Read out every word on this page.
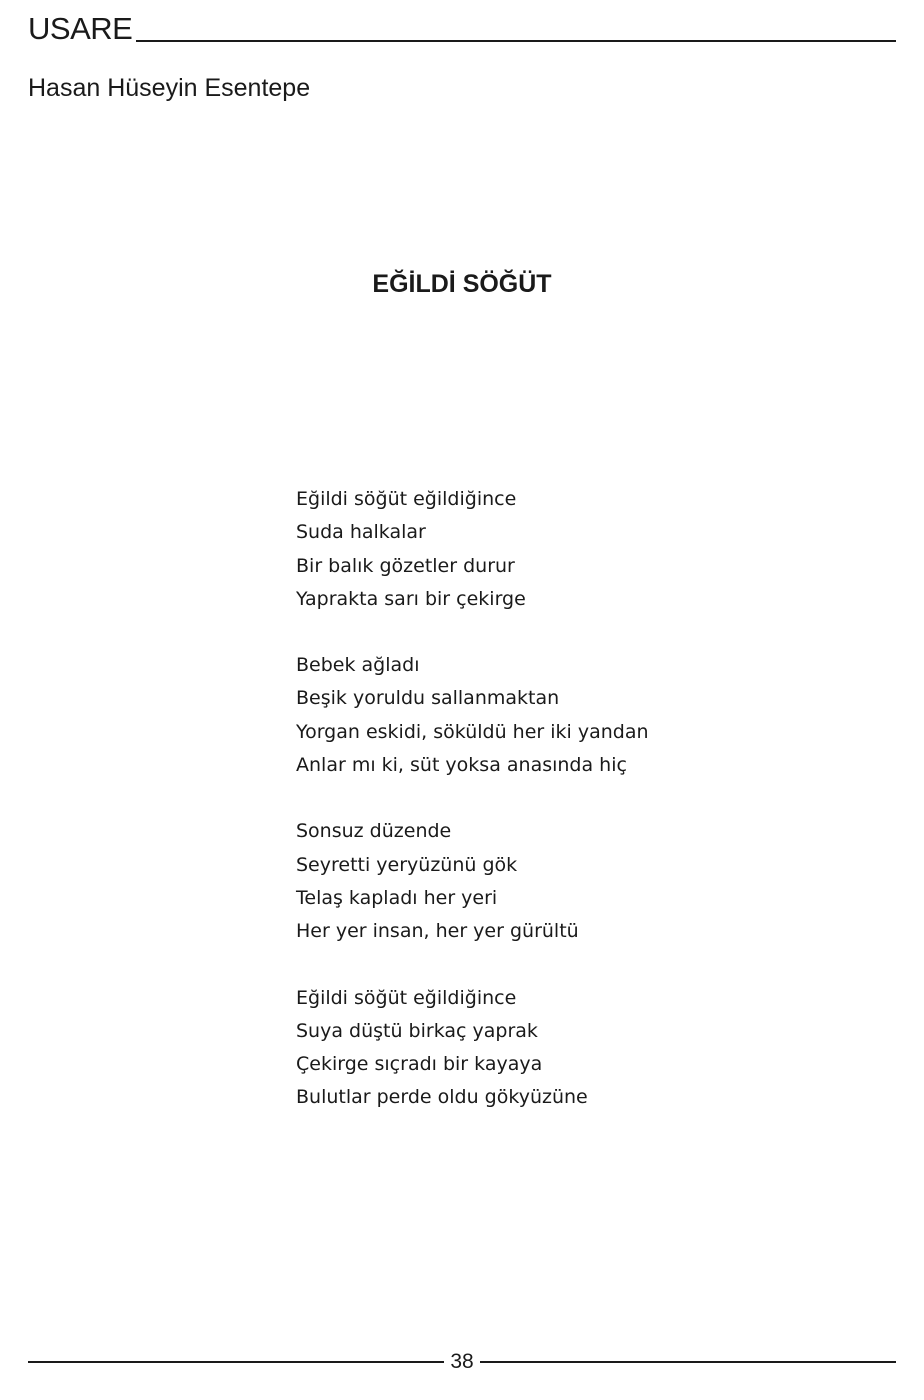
USARE
Hasan Hüseyin Esentepe
EĞİLDİ SÖĞÜT
Eğildi söğüt eğildiğince
Suda halkalar
Bir balık gözetler durur
Yaprakta sarı bir çekirge
Bebek ağladı
Beşik yoruldu sallanmaktan
Yorgan eskidi, söküldü her iki yandan
Anlar mı ki, süt yoksa anasında hiç
Sonsuz düzende
Seyretti yeryüzünü gök
Telaş kapladı her yeri
Her yer insan, her yer gürültü
Eğildi söğüt eğildiğince
Suya düştü birkaç yaprak
Çekirge sıçradı bir kayaya
Bulutlar perde oldu gökyüzüne
38
